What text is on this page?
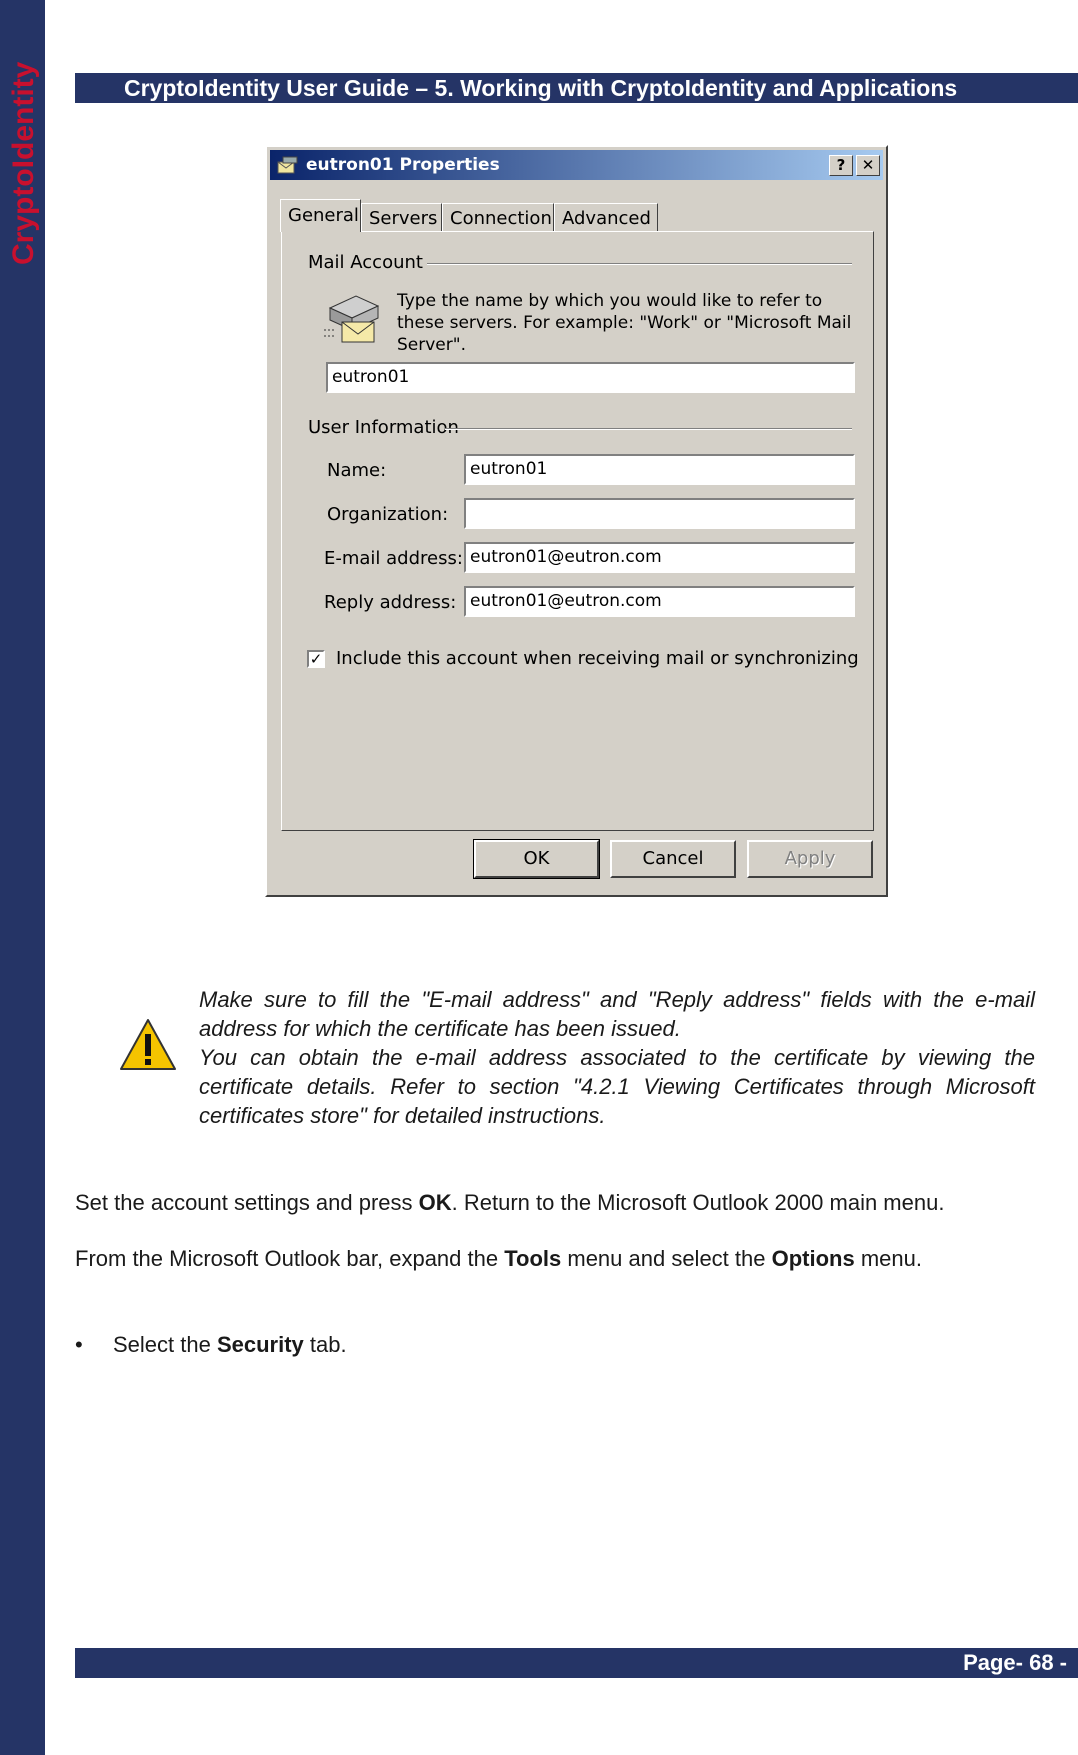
CryptoIdentity	CryptoIdentity User Guide – 5. Working with CryptoIdentity and Applications
eutron01 Properties	?	✕
General Servers Connection Advanced
Mail Account
Type the name by which you would like to refer to these servers. For example: "Work" or "Microsoft Mail Server".
eutron01
User Information
Name:	eutron01
Organization:
E-mail address: eutron01@eutron.com
Reply address: eutron01@eutron.com
✓ Include this account when receiving mail or synchronizing
OK	Cancel	Apply

Make sure to fill the "E-mail address" and "Reply address" fields with the e-mail address for which the certificate has been issued.

You can obtain the e-mail address associated to the certificate by viewing the certificate details. Refer to section "4.2.1 Viewing Certificates through Microsoft certificates store" for detailed instructions.

Set the account settings and press OK. Return to the Microsoft Outlook 2000 main menu.
From the Microsoft Outlook bar, expand the Tools menu and select the Options menu.
• Select the Security tab.
Page- 68 -
